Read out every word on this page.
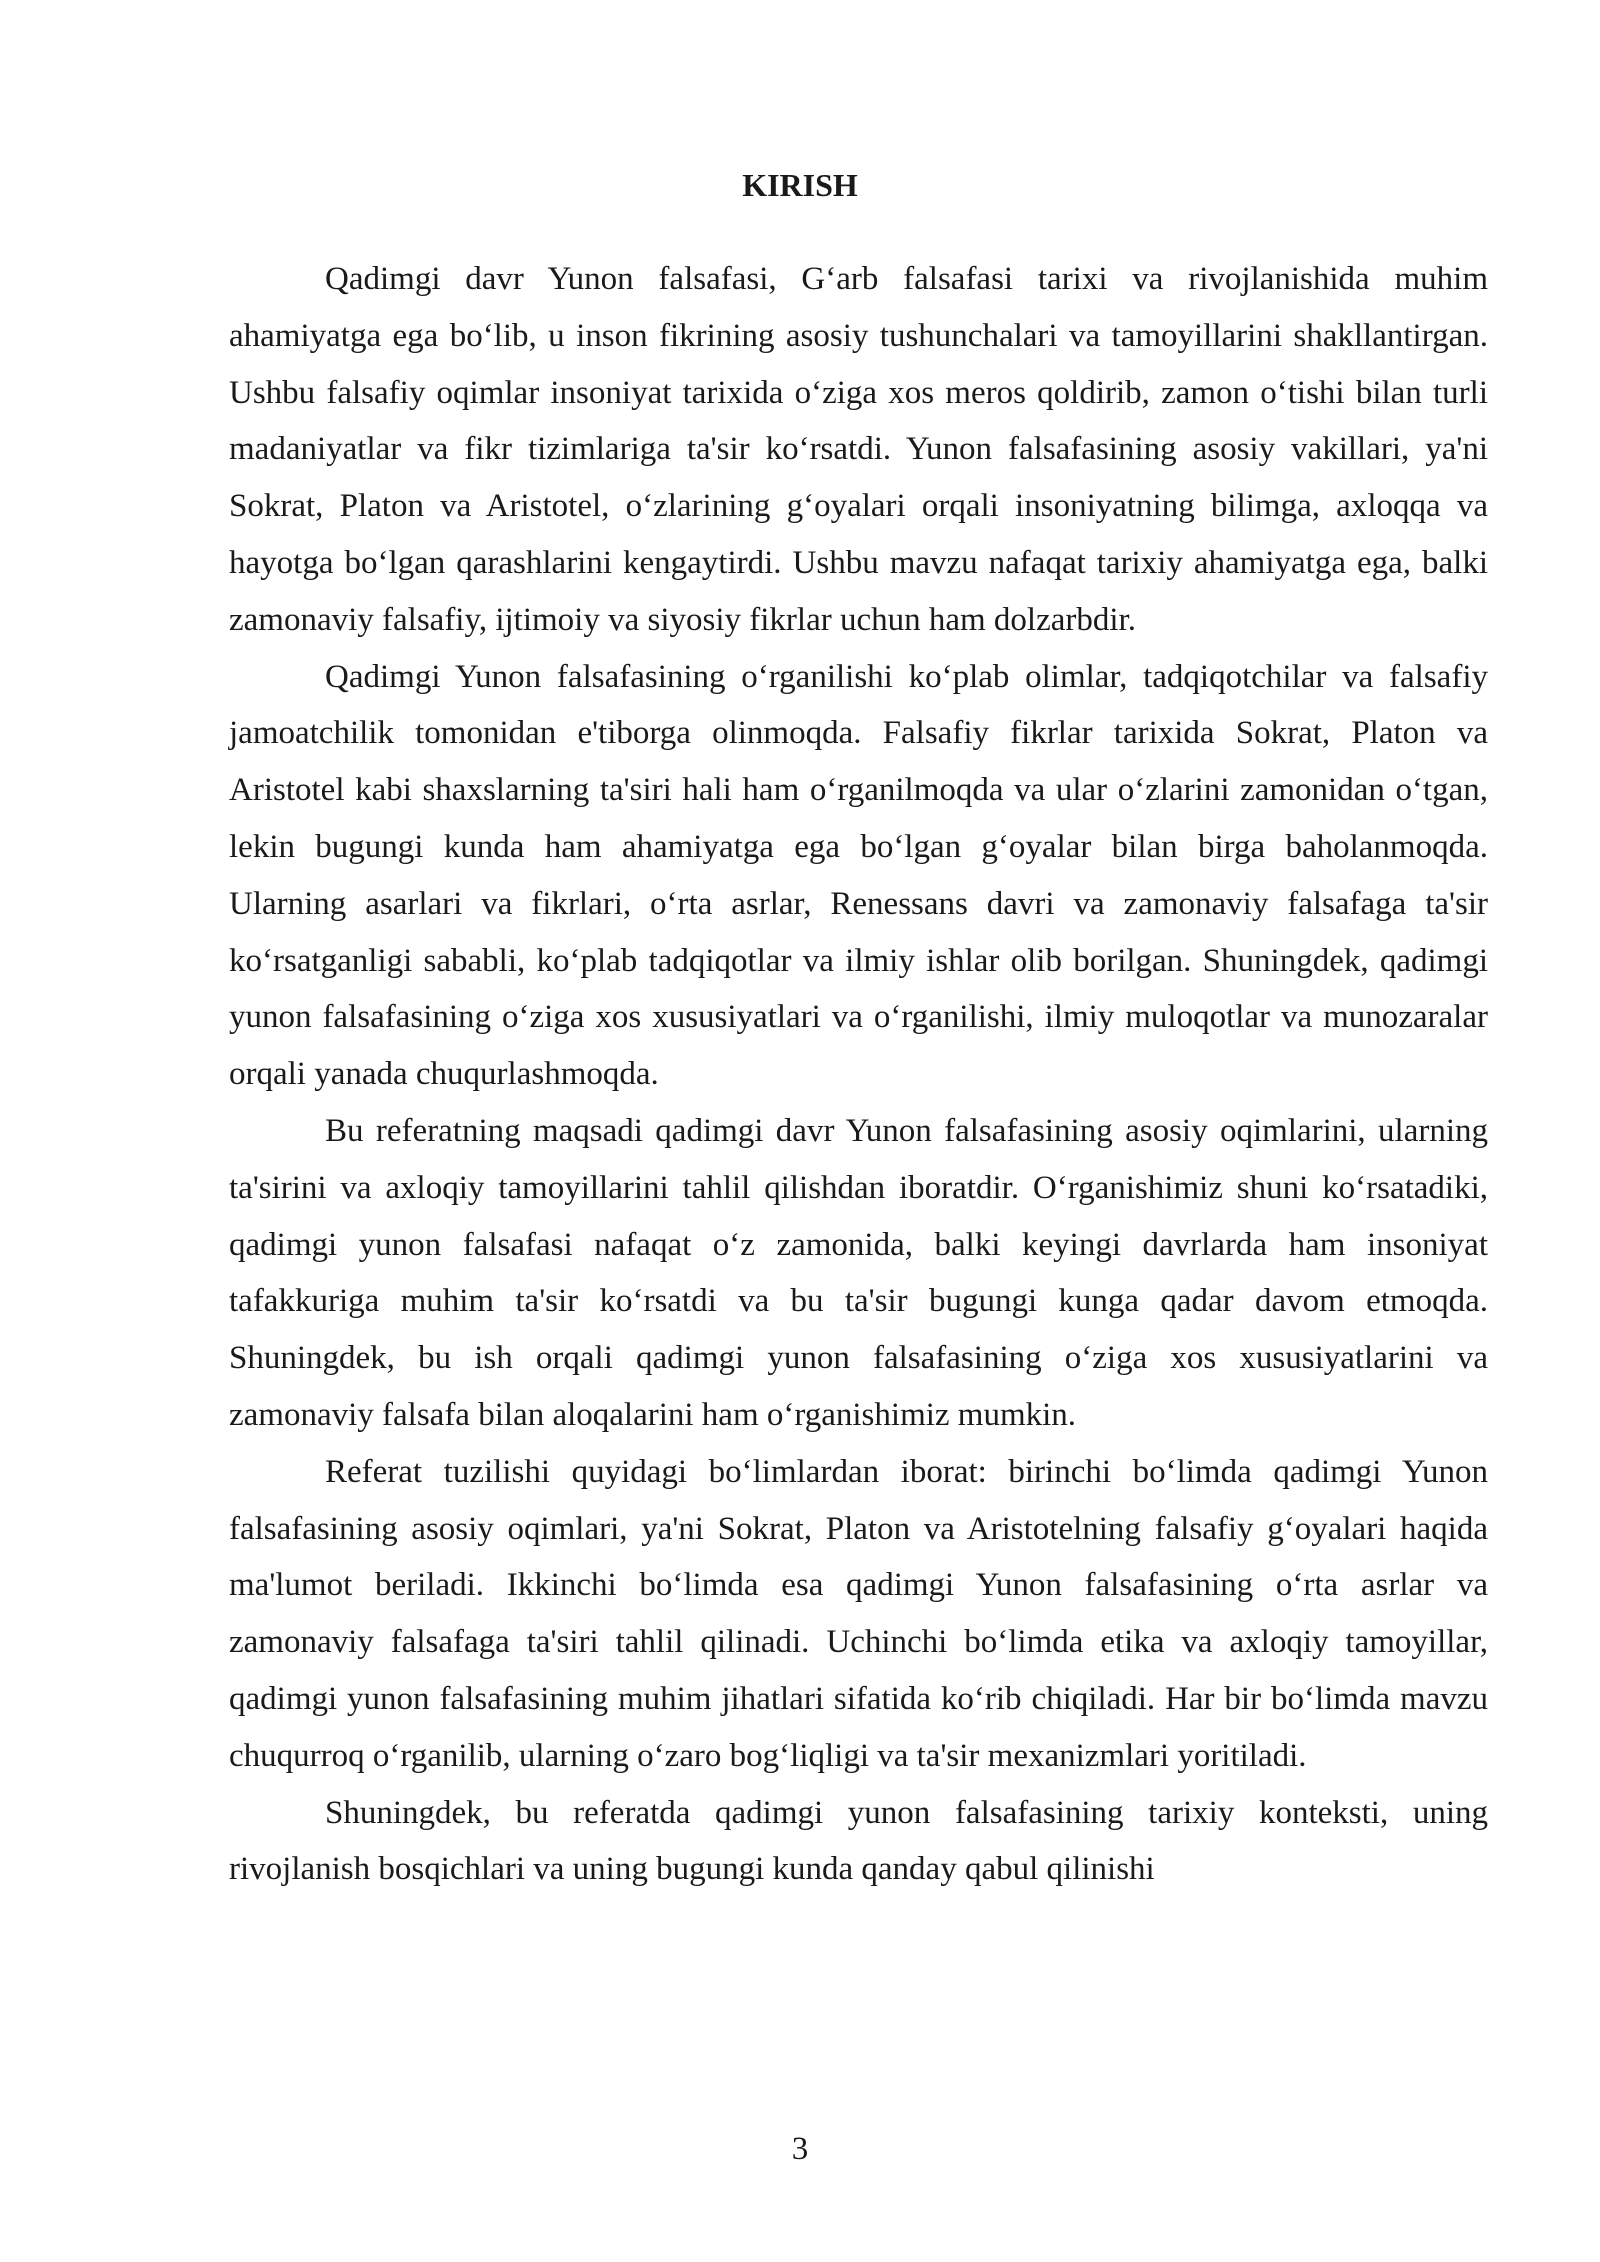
KIRISH

Qadimgi davr Yunon falsafasi, G‘arb falsafasi tarixi va rivojlanishida muhim ahamiyatga ega bo‘lib, u inson fikrining asosiy tushunchalari va tamoyillarini shakllantirgan. Ushbu falsafiy oqimlar insoniyat tarixida o‘ziga xos meros qoldirib, zamon o‘tishi bilan turli madaniyatlar va fikr tizimlariga ta'sir ko‘rsatdi. Yunon falsafasining asosiy vakillari, ya'ni Sokrat, Platon va Aristotel, o‘zlarining g‘oyalari orqali insoniyatning bilimga, axloqqa va hayotga bo‘lgan qarashlarini kengaytirdi. Ushbu mavzu nafaqat tarixiy ahamiyatga ega, balki zamonaviy falsafiy, ijtimoiy va siyosiy fikrlar uchun ham dolzarbdir.

Qadimgi Yunon falsafasining o‘rganilishi ko‘plab olimlar, tadqiqotchilar va falsafiy jamoatchilik tomonidan e'tiborga olinmoqda. Falsafiy fikrlar tarixida Sokrat, Platon va Aristotel kabi shaxslarning ta'siri hali ham o‘rganilmoqda va ular o‘zlarini zamonidan o‘tgan, lekin bugungi kunda ham ahamiyatga ega bo‘lgan g‘oyalar bilan birga baholanmoqda. Ularning asarlari va fikrlari, o‘rta asrlar, Renessans davri va zamonaviy falsafaga ta'sir ko‘rsatganligi sababli, ko‘plab tadqiqotlar va ilmiy ishlar olib borilgan. Shuningdek, qadimgi yunon falsafasining o‘ziga xos xususiyatlari va o‘rganilishi, ilmiy muloqotlar va munozaralar orqali yanada chuqurlashmoqda.

Bu referatning maqsadi qadimgi davr Yunon falsafasining asosiy oqimlarini, ularning ta'sirini va axloqiy tamoyillarini tahlil qilishdan iboratdir. O‘rganishimiz shuni ko‘rsatadiki, qadimgi yunon falsafasi nafaqat o‘z zamonida, balki keyingi davrlarda ham insoniyat tafakkuriga muhim ta'sir ko‘rsatdi va bu ta'sir bugungi kunga qadar davom etmoqda. Shuningdek, bu ish orqali qadimgi yunon falsafasining o‘ziga xos xususiyatlarini va zamonaviy falsafa bilan aloqalarini ham o‘rganishimiz mumkin.

Referat tuzilishi quyidagi bo‘limlardan iborat: birinchi bo‘limda qadimgi Yunon falsafasining asosiy oqimlari, ya'ni Sokrat, Platon va Aristotelning falsafiy g‘oyalari haqida ma'lumot beriladi. Ikkinchi bo‘limda esa qadimgi Yunon falsafasining o‘rta asrlar va zamonaviy falsafaga ta'siri tahlil qilinadi. Uchinchi bo‘limda etika va axloqiy tamoyillar, qadimgi yunon falsafasining muhim jihatlari sifatida ko‘rib chiqiladi. Har bir bo‘limda mavzu chuqurroq o‘rganilib, ularning o‘zaro bog‘liqligi va ta'sir mexanizmlari yoritiladi.

Shuningdek, bu referatda qadimgi yunon falsafasining tarixiy konteksti, uning rivojlanish bosqichlari va uning bugungi kunda qanday qabul qilinishi

3
